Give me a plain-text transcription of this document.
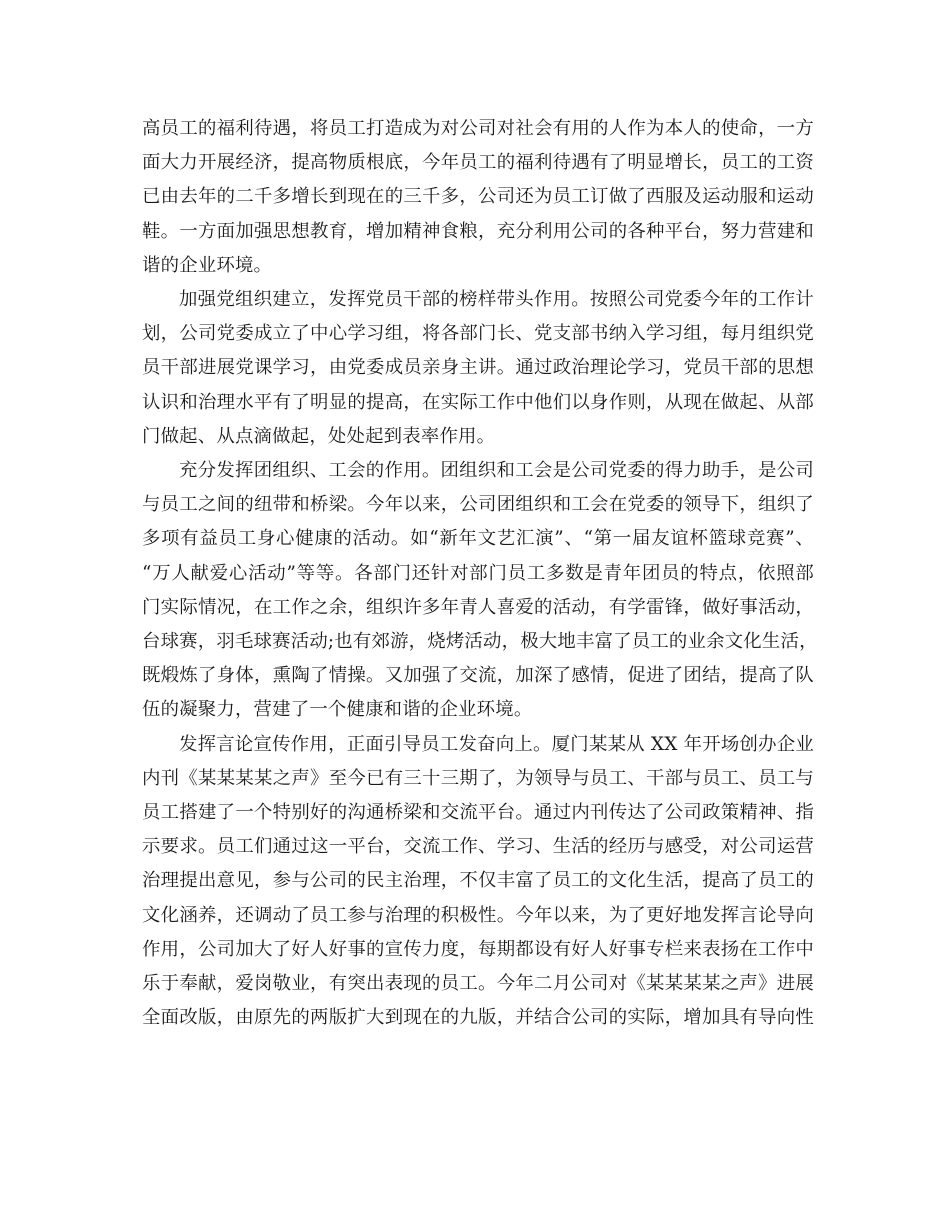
高员工的福利待遇，将员工打造成为对公司对社会有用的人作为本人的使命，一方
面大力开展经济，提高物质根底，今年员工的福利待遇有了明显增长，员工的工资
已由去年的二千多增长到现在的三千多，公司还为员工订做了西服及运动服和运动
鞋。一方面加强思想教育，增加精神食粮，充分利用公司的各种平台，努力营建和
谐的企业环境。

加强党组织建立，发挥党员干部的榜样带头作用。按照公司党委今年的工作计
划，公司党委成立了中心学习组，将各部门长、党支部书纳入学习组，每月组织党
员干部进展党课学习，由党委成员亲身主讲。通过政治理论学习，党员干部的思想
认识和治理水平有了明显的提高，在实际工作中他们以身作则，从现在做起、从部
门做起、从点滴做起，处处起到表率作用。

充分发挥团组织、工会的作用。团组织和工会是公司党委的得力助手，是公司
与员工之间的纽带和桥梁。今年以来，公司团组织和工会在党委的领导下，组织了
多项有益员工身心健康的活动。如“新年文艺汇演”、“第一届友谊杯篮球竞赛”、
“万人献爱心活动”等等。各部门还针对部门员工多数是青年团员的特点，依照部
门实际情况，在工作之余，组织许多年青人喜爱的活动，有学雷锋，做好事活动，
台球赛，羽毛球赛活动;也有郊游，烧烤活动，极大地丰富了员工的业余文化生活，
既煅炼了身体，熏陶了情操。又加强了交流，加深了感情，促进了团结，提高了队
伍的凝聚力，营建了一个健康和谐的企业环境。

发挥言论宣传作用，正面引导员工发奋向上。厦门某某从 XX 年开场创办企业
内刊《某某某某之声》至今已有三十三期了，为领导与员工、干部与员工、员工与
员工搭建了一个特别好的沟通桥梁和交流平台。通过内刊传达了公司政策精神、指
示要求。员工们通过这一平台，交流工作、学习、生活的经历与感受，对公司运营
治理提出意见，参与公司的民主治理，不仅丰富了员工的文化生活，提高了员工的
文化涵养，还调动了员工参与治理的积极性。今年以来，为了更好地发挥言论导向
作用，公司加大了好人好事的宣传力度，每期都设有好人好事专栏来表扬在工作中
乐于奉献，爱岗敬业，有突出表现的员工。今年二月公司对《某某某某之声》进展
全面改版，由原先的两版扩大到现在的九版，并结合公司的实际，增加具有导向性
